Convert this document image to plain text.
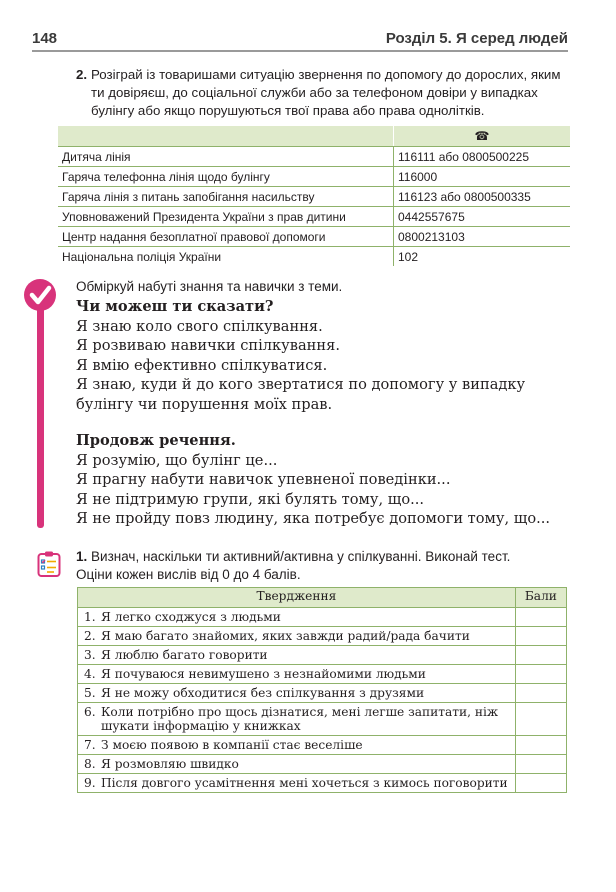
148	Розділ 5. Я серед людей
2. Розіграй із товаришами ситуацію звернення по допомогу до дорослих, яким ти довіряєш, до соціальної служби або за телефоном довіри у випадках булінгу або якщо порушуються твої права або права однолітків.
	☎
Дитяча лінія	116111 або 0800500225
Гаряча телефонна лінія щодо булінгу	116000
Гаряча лінія з питань запобігання насильству	116123 або 0800500335
Уповноважений Президента України з прав дитини	0442557675
Центр надання безоплатної правової допомоги	0800213103
Національна поліція України	102
Обміркуй набуті знання та навички з теми.
Чи можеш ти сказати?
Я знаю коло свого спілкування.
Я розвиваю навички спілкування.
Я вмію ефективно спілкуватися.
Я знаю, куди й до кого звертатися по допомогу у випадку булінгу чи порушення моїх прав.
Продовж речення.
Я розумію, що булінг це...
Я прагну набути навичок упевненої поведінки...
Я не підтримую групи, які булять тому, що...
Я не пройду повз людину, яка потребує допомоги тому, що...
1. Визнач, наскільки ти активний/активна у спілкуванні. Виконай тест.
Оціни кожен вислів від 0 до 4 балів.
Твердження	Бали

1. Я легко сходжуся з людьми	

2. Я маю багато знайомих, яких завжди радий/рада бачити	

3. Я люблю багато говорити	

4. Я почуваюся невимушено з незнайомими людьми	

5. Я не можу обходитися без спілкування з друзями	

6. Коли потрібно про щось дізнатися, мені легше запитати, ніж шукати інформацію у книжках	

7. З моєю появою в компанії стає веселіше	

8. Я розмовляю швидко	

9. Після довгого усамітнення мені хочеться з кимось поговорити	
